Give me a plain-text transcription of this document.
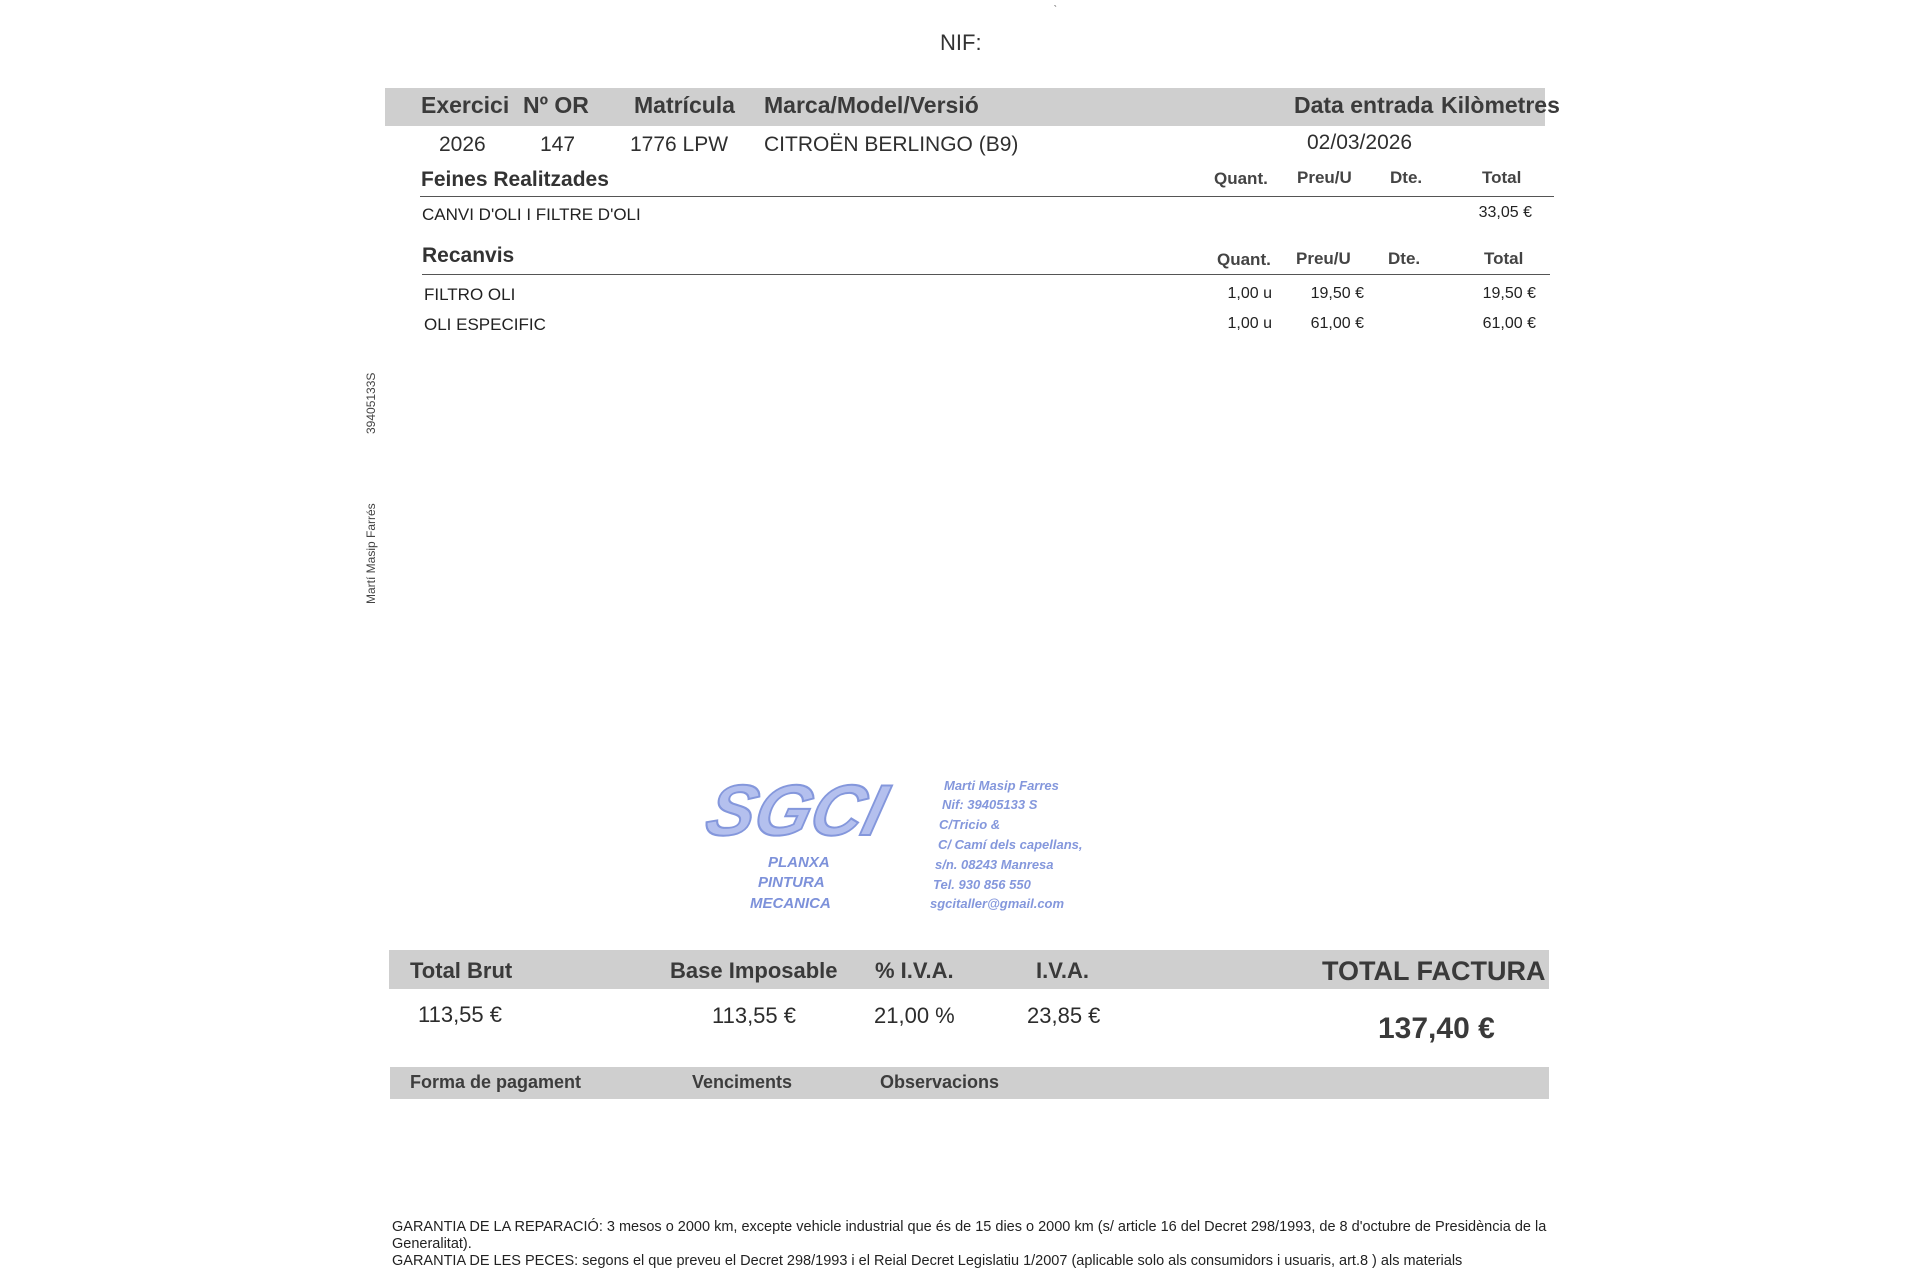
ˋ
NIF:
39405133S
Martí Masip Farrés
Exercici Nº OR Matrícula Marca/Model/Versió	Data entrada Kilòmetres
2026	147	1776 LPW CITROËN BERLINGO (B9)	02/03/2026
Feines Realitzades	Quant. Preu/U Dte.	Total
CANVI D'OLI I FILTRE D'OLI	33,05 €
Recanvis	Quant. Preu/U Dte.	Total
FILTRO OLI	1,00 u	19,50 €	19,50 €
OLI ESPECIFIC	1,00 u	61,00 €	61,00 €
SGCI
PLANXA
PINTURA
MECANICA
Marti Masip Farres
Nif: 39405133 S
C/Tricio &
C/ Camí dels capellans,
s/n. 08243 Manresa
Tel. 930 856 550
sgcitaller@gmail.com
Total Brut	Base Imposable % I.V.A.	I.V.A.	TOTAL FACTURA
113,55 €	113,55 €	21,00 %	23,85 €	137,40 €
Forma de pagament	Venciments	Observacions
GARANTIA DE LA REPARACIÓ: 3 mesos o 2000 km, excepte vehicle industrial que és de 15 dies o 2000 km (s/ article 16 del Decret 298/1993, de 8 d'octubre de Presidència de la Generalitat).
GARANTIA DE LES PECES: segons el que preveu el Decret 298/1993 i el Reial Decret Legislatiu 1/2007 (aplicable solo als consumidors i usuaris, art.8 ) als materials
